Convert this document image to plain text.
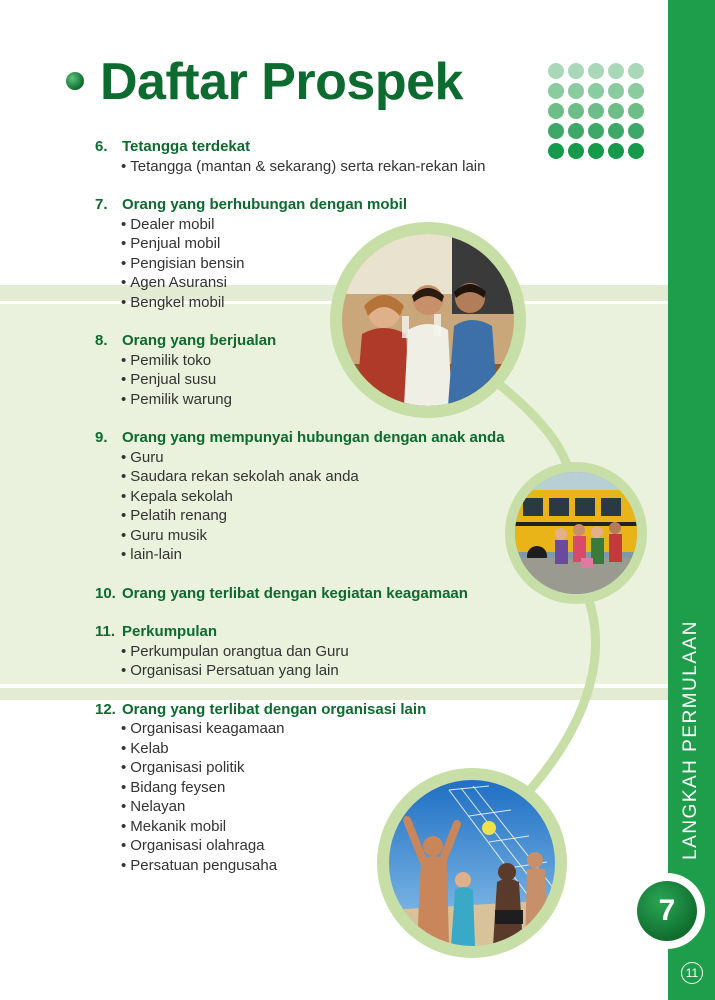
Daftar Prospek
6. Tetangga terdekat
• Tetangga (mantan & sekarang) serta rekan-rekan lain
7. Orang yang berhubungan dengan mobil
• Dealer mobil
• Penjual mobil
• Pengisian bensin
• Agen Asuransi
• Bengkel mobil
8. Orang yang berjualan
• Pemilik toko
• Penjual susu
• Pemilik warung
9. Orang yang mempunyai hubungan dengan anak anda
• Guru
• Saudara rekan sekolah anak anda
• Kepala sekolah
• Pelatih renang
• Guru musik
• lain-lain
10. Orang yang terlibat dengan kegiatan keagamaan
11. Perkumpulan
• Perkumpulan orangtua dan Guru
• Organisasi Persatuan yang lain
12. Orang yang terlibat dengan organisasi lain
• Organisasi keagamaan
• Kelab
• Organisasi politik
• Bidang feysen
• Nelayan
• Mekanik mobil
• Organisasi olahraga
• Persatuan pengusaha
LANGKAH PERMULAAN
7
11
